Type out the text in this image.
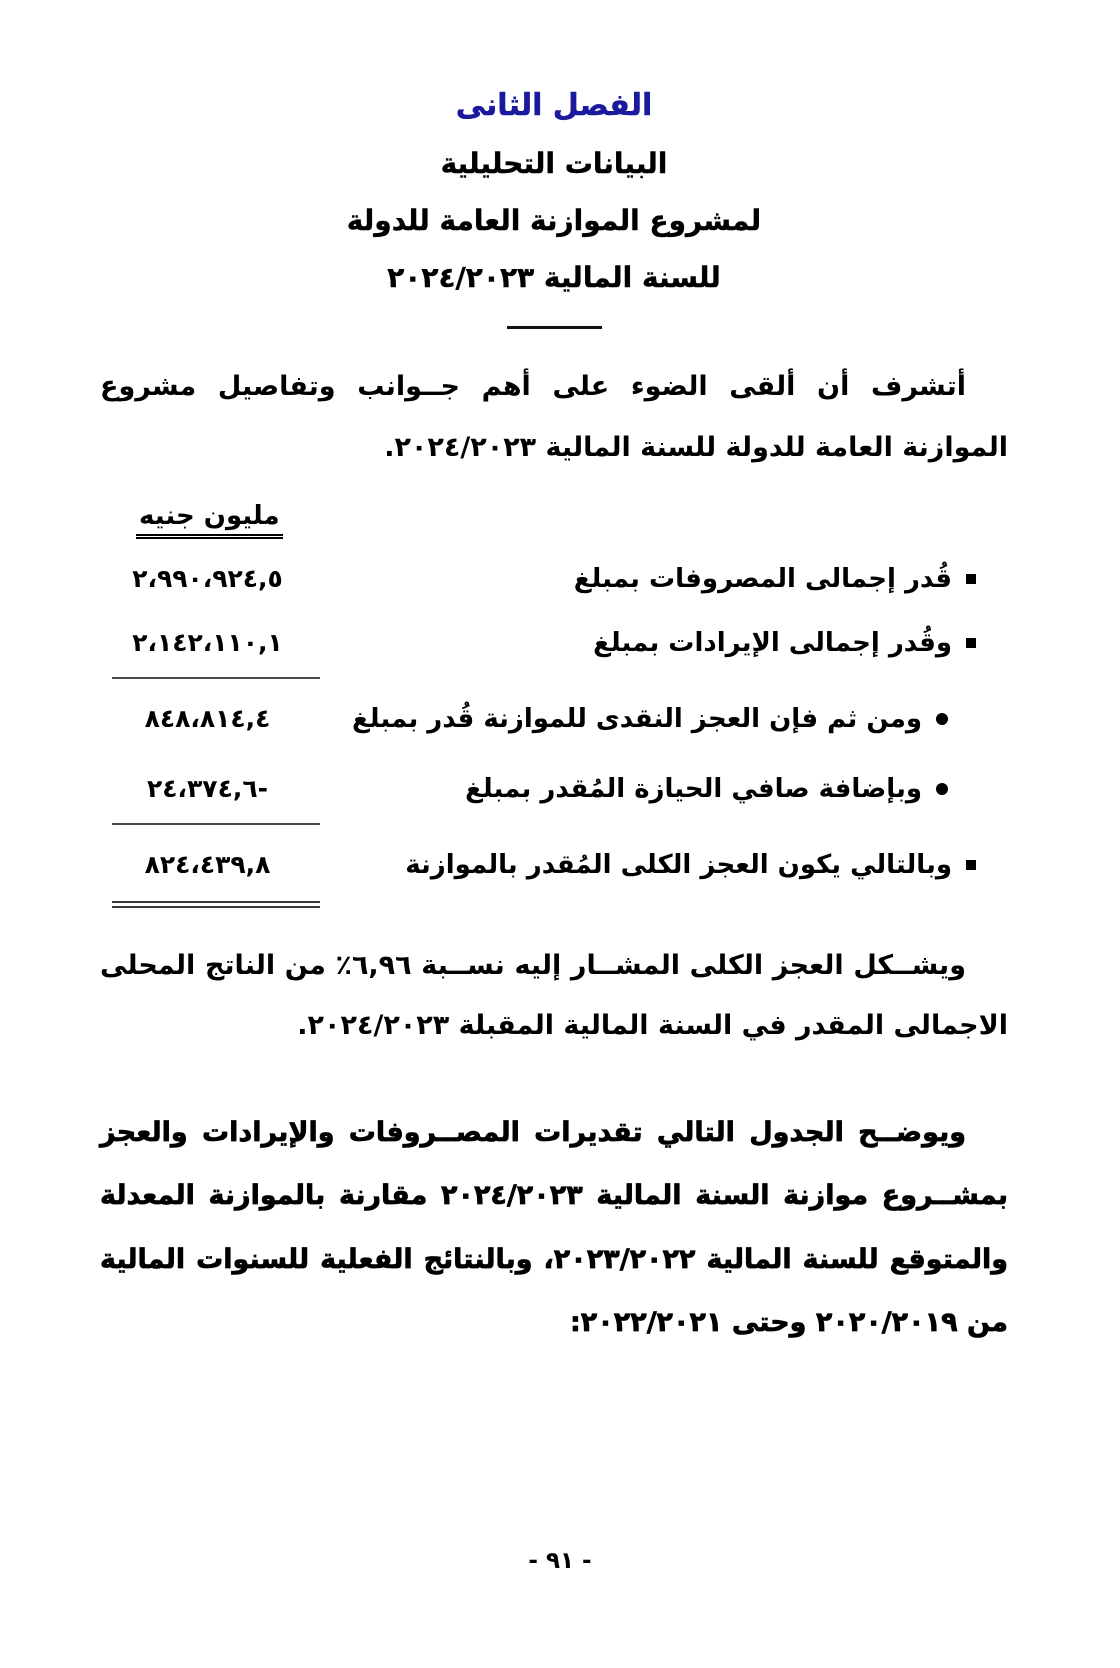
الفصل الثانى
البيانات التحليلية
لمشروع الموازنة العامة للدولة
للسنة المالية ٢٠٢٤/٢٠٢٣

أتشرف أن ألقى الضوء على أهم جــوانب وتفاصيل مشروع الموازنة العامة للدولة للسنة المالية ٢٠٢٤/٢٠٢٣.

مليون جنيه
قُدر إجمالى المصروفات بمبلغ
٢،٩٩٠،٩٢٤,٥
وقُدر إجمالى الإيرادات بمبلغ
٢،١٤٢،١١٠,١
ومن ثم فإن العجز النقدى للموازنة قُدر بمبلغ
٨٤٨،٨١٤,٤
وبإضافة صافي الحيازة المُقدر بمبلغ
٢٤،٣٧٤,٦-
وبالتالي يكون العجز الكلى المُقدر بالموازنة
٨٢٤،٤٣٩,٨

ويشــكل العجز الكلى المشــار إليه نســبة ٦,٩٦٪ من الناتج المحلى الاجمالى المقدر في السنة المالية المقبلة ٢٠٢٤/٢٠٢٣.

ويوضــح الجدول التالي تقديرات المصــروفات والإيرادات والعجز بمشــروع موازنة السنة المالية ٢٠٢٤/٢٠٢٣ مقارنة بالموازنة المعدلة والمتوقع للسنة المالية ٢٠٢٣/٢٠٢٢، وبالنتائج الفعلية للسنوات المالية من ٢٠٢٠/٢٠١٩ وحتى ٢٠٢٢/٢٠٢١:

- ٩١ -
